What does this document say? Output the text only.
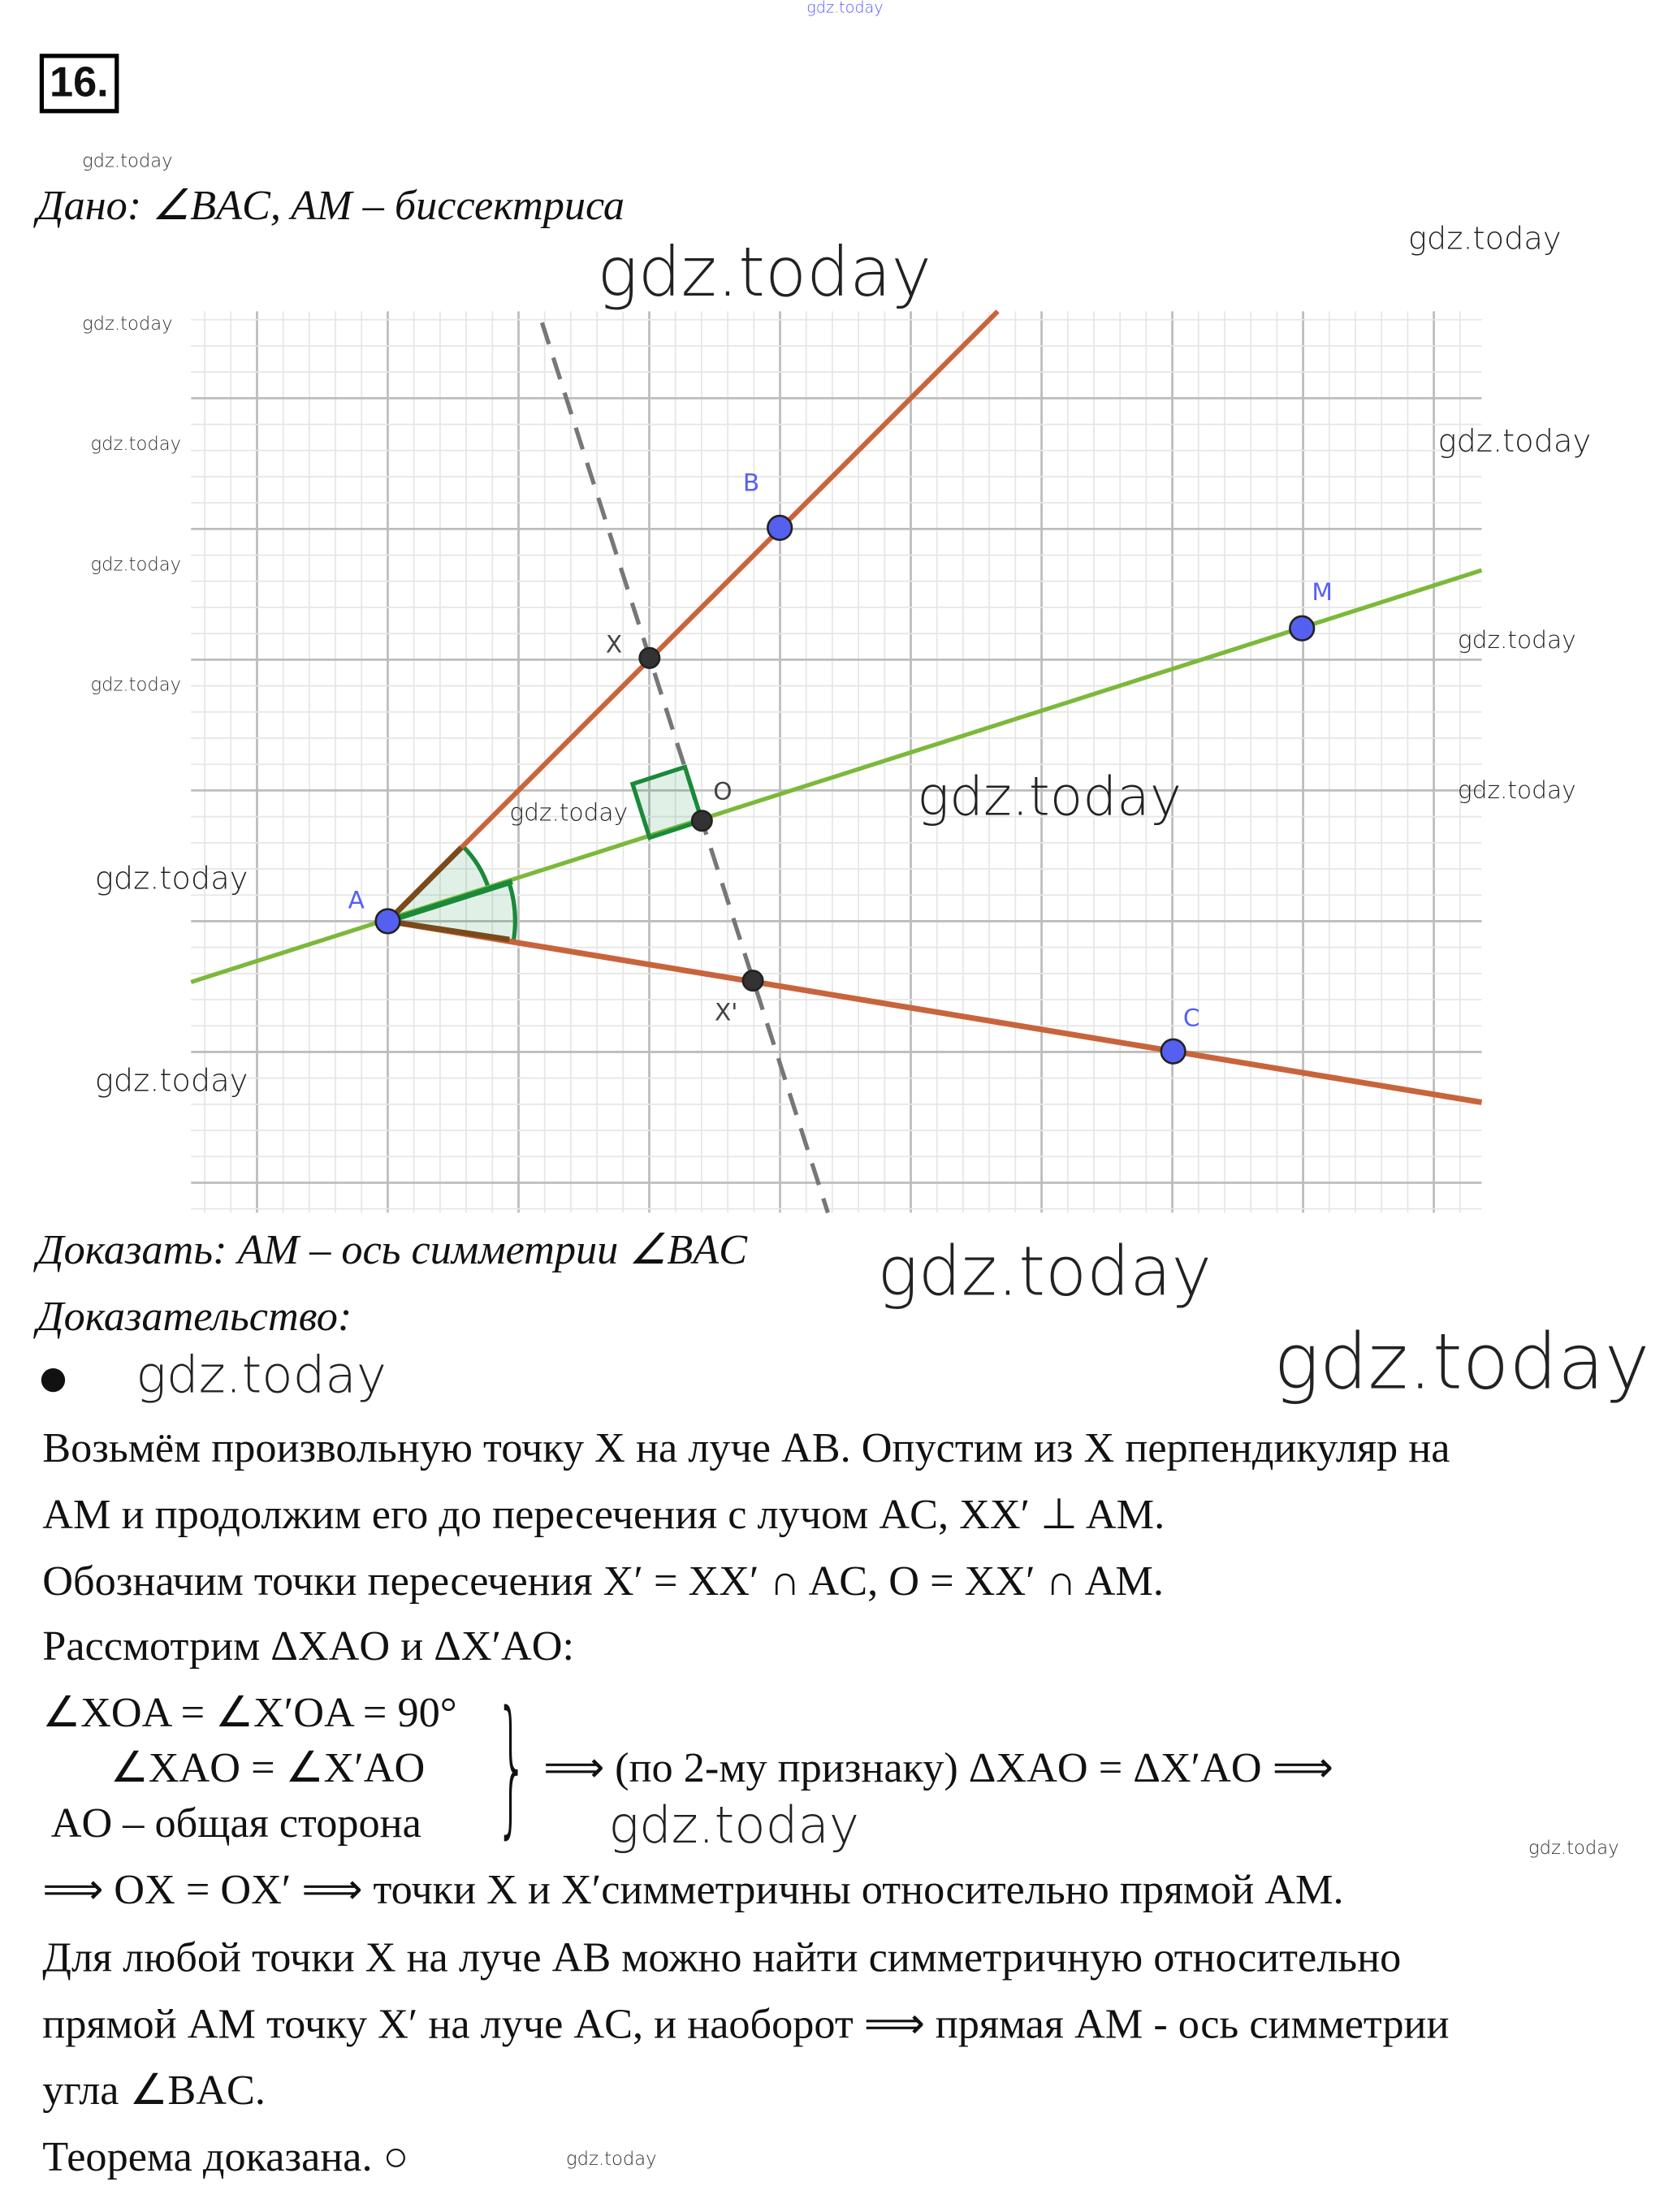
16.
Дано: ∠BAC, AM – биссектриса
A
B
X
O
X'	C
M
Доказать: AM – ось симметрии ∠BAC
Доказательство:
●
Возьмём произвольную точку X на луче AB. Опустим из X перпендикуляр на
AM и продолжим его до пересечения с лучом AC, XX′ ⊥ AM.
Обозначим точки пересечения X′ = XX′ ∩ AC, O = XX′ ∩ AM.
Рассмотрим ΔXAO и ΔX′AO:
∠XOA = ∠X′OA = 90°
∠XAO = ∠X′AO
AO – общая сторона } ⟹ (по 2-му признаку) ΔXAO = ΔX′AO ⟹
⟹ OX = OX′ ⟹ точки X и X′симметричны относительно прямой AM.
Для любой точки X на луче AB можно найти симметричную относительно
прямой AM точку X′ на луче AC, и наоборот ⟹ прямая AM - ось симметрии
угла ∠BAC.
Теорема доказана. ○
gdz.today
gdz.today
gdz.today	gdz.today
gdz.today
gdz.today
gdz.today
gdz.today
gdz.today
gdz.today
gdz.today
gdz.today	gdz.today
gdz.today
gdz.today
gdz.today
gdz.today
gdz.today
gdz.today
gdz.today
gdz.today
